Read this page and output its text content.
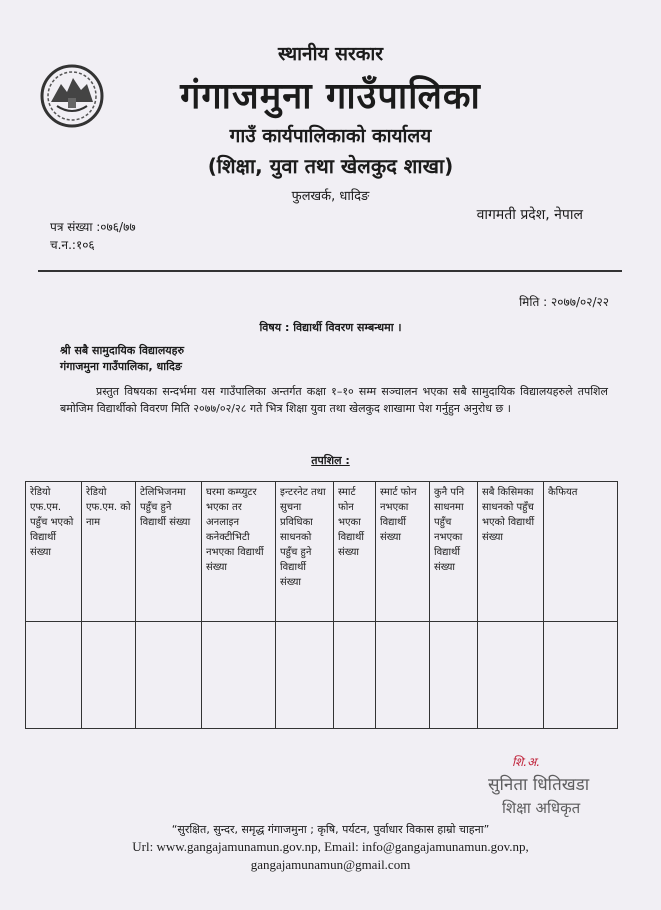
स्थानीय सरकार
गंगाजमुना गाउँपालिका
गाउँ कार्यपालिकाको कार्यालय
(शिक्षा, युवा तथा खेलकुद शाखा)
फुलखर्क, धादिङ
वागमती प्रदेश, नेपाल
पत्र संख्या :०७६/७७
च.न.:१०६
मिति : २०७७/०२/२२
विषय : विद्यार्थी विवरण सम्बन्धमा ।
श्री सबै सामुदायिक विद्यालयहरु
गंगाजमुना गाउँपालिका, धादिङ
प्रस्तुत विषयका सन्दर्भमा यस गाउँपालिका अन्तर्गत कक्षा १–१० सम्म सञ्चालन भएका सबै सामुदायिक विद्यालयहरुले तपशिल बमोजिम विद्यार्थीको विवरण मिति २०७७/०२/२८ गते भित्र शिक्षा युवा तथा खेलकुद शाखामा पेश गर्नुहुन अनुरोध छ ।
तपशिल :
रेडियो एफ.एम. पहुँच भएको विद्यार्थी संख्या	रेडियो एफ.एम. को नाम	टेलिभिजनमा पहुँच हुने विद्यार्थी संख्या	घरमा कम्प्युटर भएका तर अनलाइन कनेक्टीभिटी नभएका विद्यार्थी संख्या	इन्टरनेट तथा सुचना प्रविधिका साधनको पहुँच हुने विद्यार्थी संख्या	स्मार्ट फोन भएका विद्यार्थी संख्या	स्मार्ट फोन नभएका विद्यार्थी संख्या	कुनै पनि साधनमा पहुँच नभएका विद्यार्थी संख्या	सबै किसिमका साधनको पहुँच भएको विद्यार्थी संख्या	कैफियत

शि.अ.
सुनिता धितिखडा
शिक्षा अधिकृत
“सुरक्षित, सुन्दर, समृद्ध गंगाजमुना ; कृषि, पर्यटन, पुर्वाधार विकास हाम्रो चाहना”
Url: www.gangajamunamun.gov.np, Email: info@gangajamunamun.gov.np,
gangajamunamun@gmail.com
